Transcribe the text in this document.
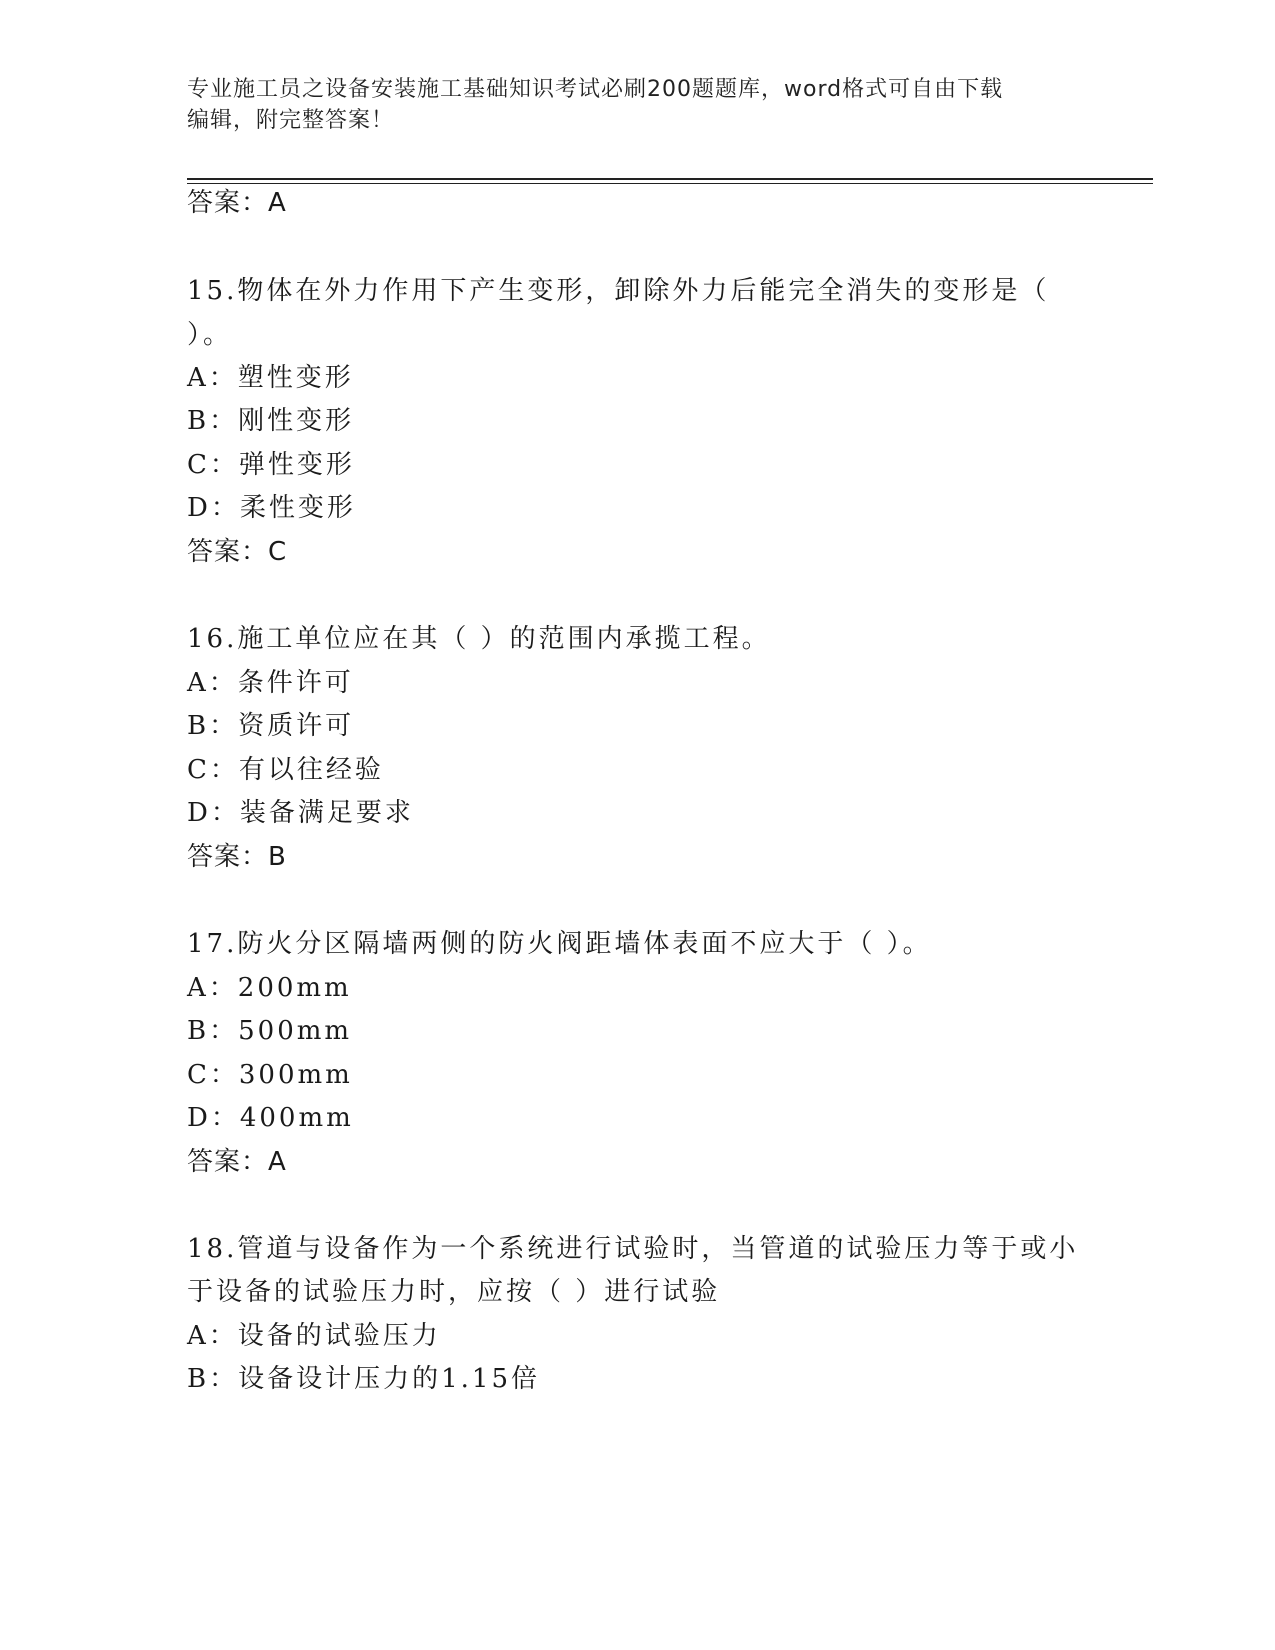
专业施工员之设备安装施工基础知识考试必刷200题题库，word格式可自由下载
编辑，附完整答案！
答案：A
15.物体在外力作用下产生变形，卸除外力后能完全消失的变形是（
）。
A：塑性变形
B：刚性变形
C：弹性变形
D：柔性变形
答案：C
16.施工单位应在其（ ）的范围内承揽工程。
A：条件许可
B：资质许可
C：有以往经验
D：装备满足要求
答案：B
17.防火分区隔墙两侧的防火阀距墙体表面不应大于（ ）。
A：200mm
B：500mm
C：300mm
D：400mm
答案：A
18.管道与设备作为一个系统进行试验时，当管道的试验压力等于或小
于设备的试验压力时，应按（ ）进行试验
A：设备的试验压力
B：设备设计压力的1.15倍
